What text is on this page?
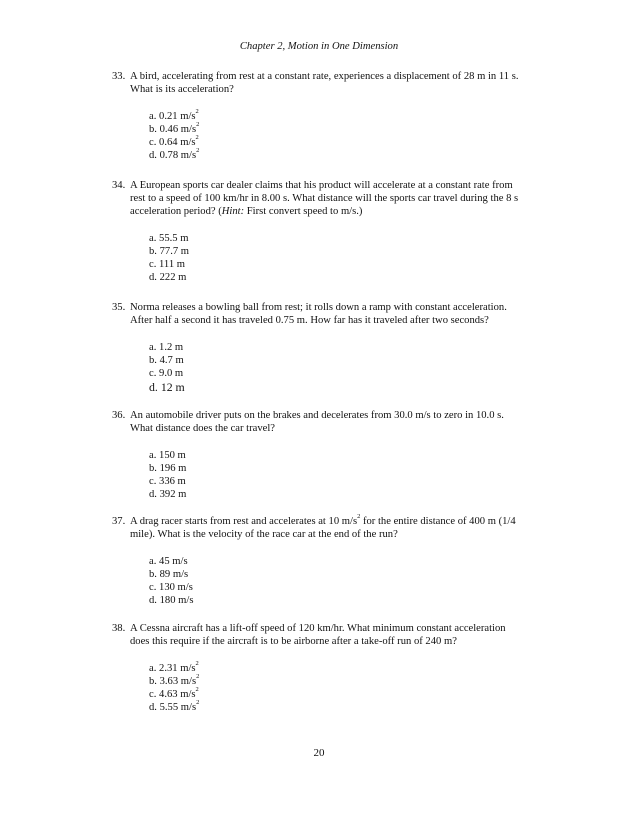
Chapter 2, Motion in One Dimension
33. A bird, accelerating from rest at a constant rate, experiences a displacement of 28 m in 11 s.
What is its acceleration?
a. 0.21 $m/s^2$
b. 0.46 $m/s^2$
c. 0.64 $m/s^2$
d. 0.78 $m/s^2$
34. A European sports car dealer claims that his product will accelerate at a constant rate from
rest to a speed of 100 km/hr in 8.00 s. What distance will the sports car travel during the 8 s
acceleration period? (Hint: First convert speed to m/s.)
a. 55.5 m
b. 77.7 m
c. 111 m
d. 222 m
35. Norma releases a bowling ball from rest; it rolls down a ramp with constant acceleration.
After half a second it has traveled 0.75 m. How far has it traveled after two seconds?
a. 1.2 m
b. 4.7 m
c. 9.0 m
d. 12 m
36. An automobile driver puts on the brakes and decelerates from 30.0 m/s to zero in 10.0 s.
What distance does the car travel?
a. 150 m
b. 196 m
c. 336 m
d. 392 m
37. A drag racer starts from rest and accelerates at 10 $m/s^2$ for the entire distance of 400 m (1/4
mile). What is the velocity of the race car at the end of the run?
a. 45 m/s
b. 89 m/s
c. 130 m/s
d. 180 m/s
38. A Cessna aircraft has a lift-off speed of 120 km/hr. What minimum constant acceleration
does this require if the aircraft is to be airborne after a take-off run of 240 m?
a. 2.31 $m/s^2$
b. 3.63 $m/s^2$
c. 4.63 $m/s^2$
d. 5.55 $m/s^2$
20
